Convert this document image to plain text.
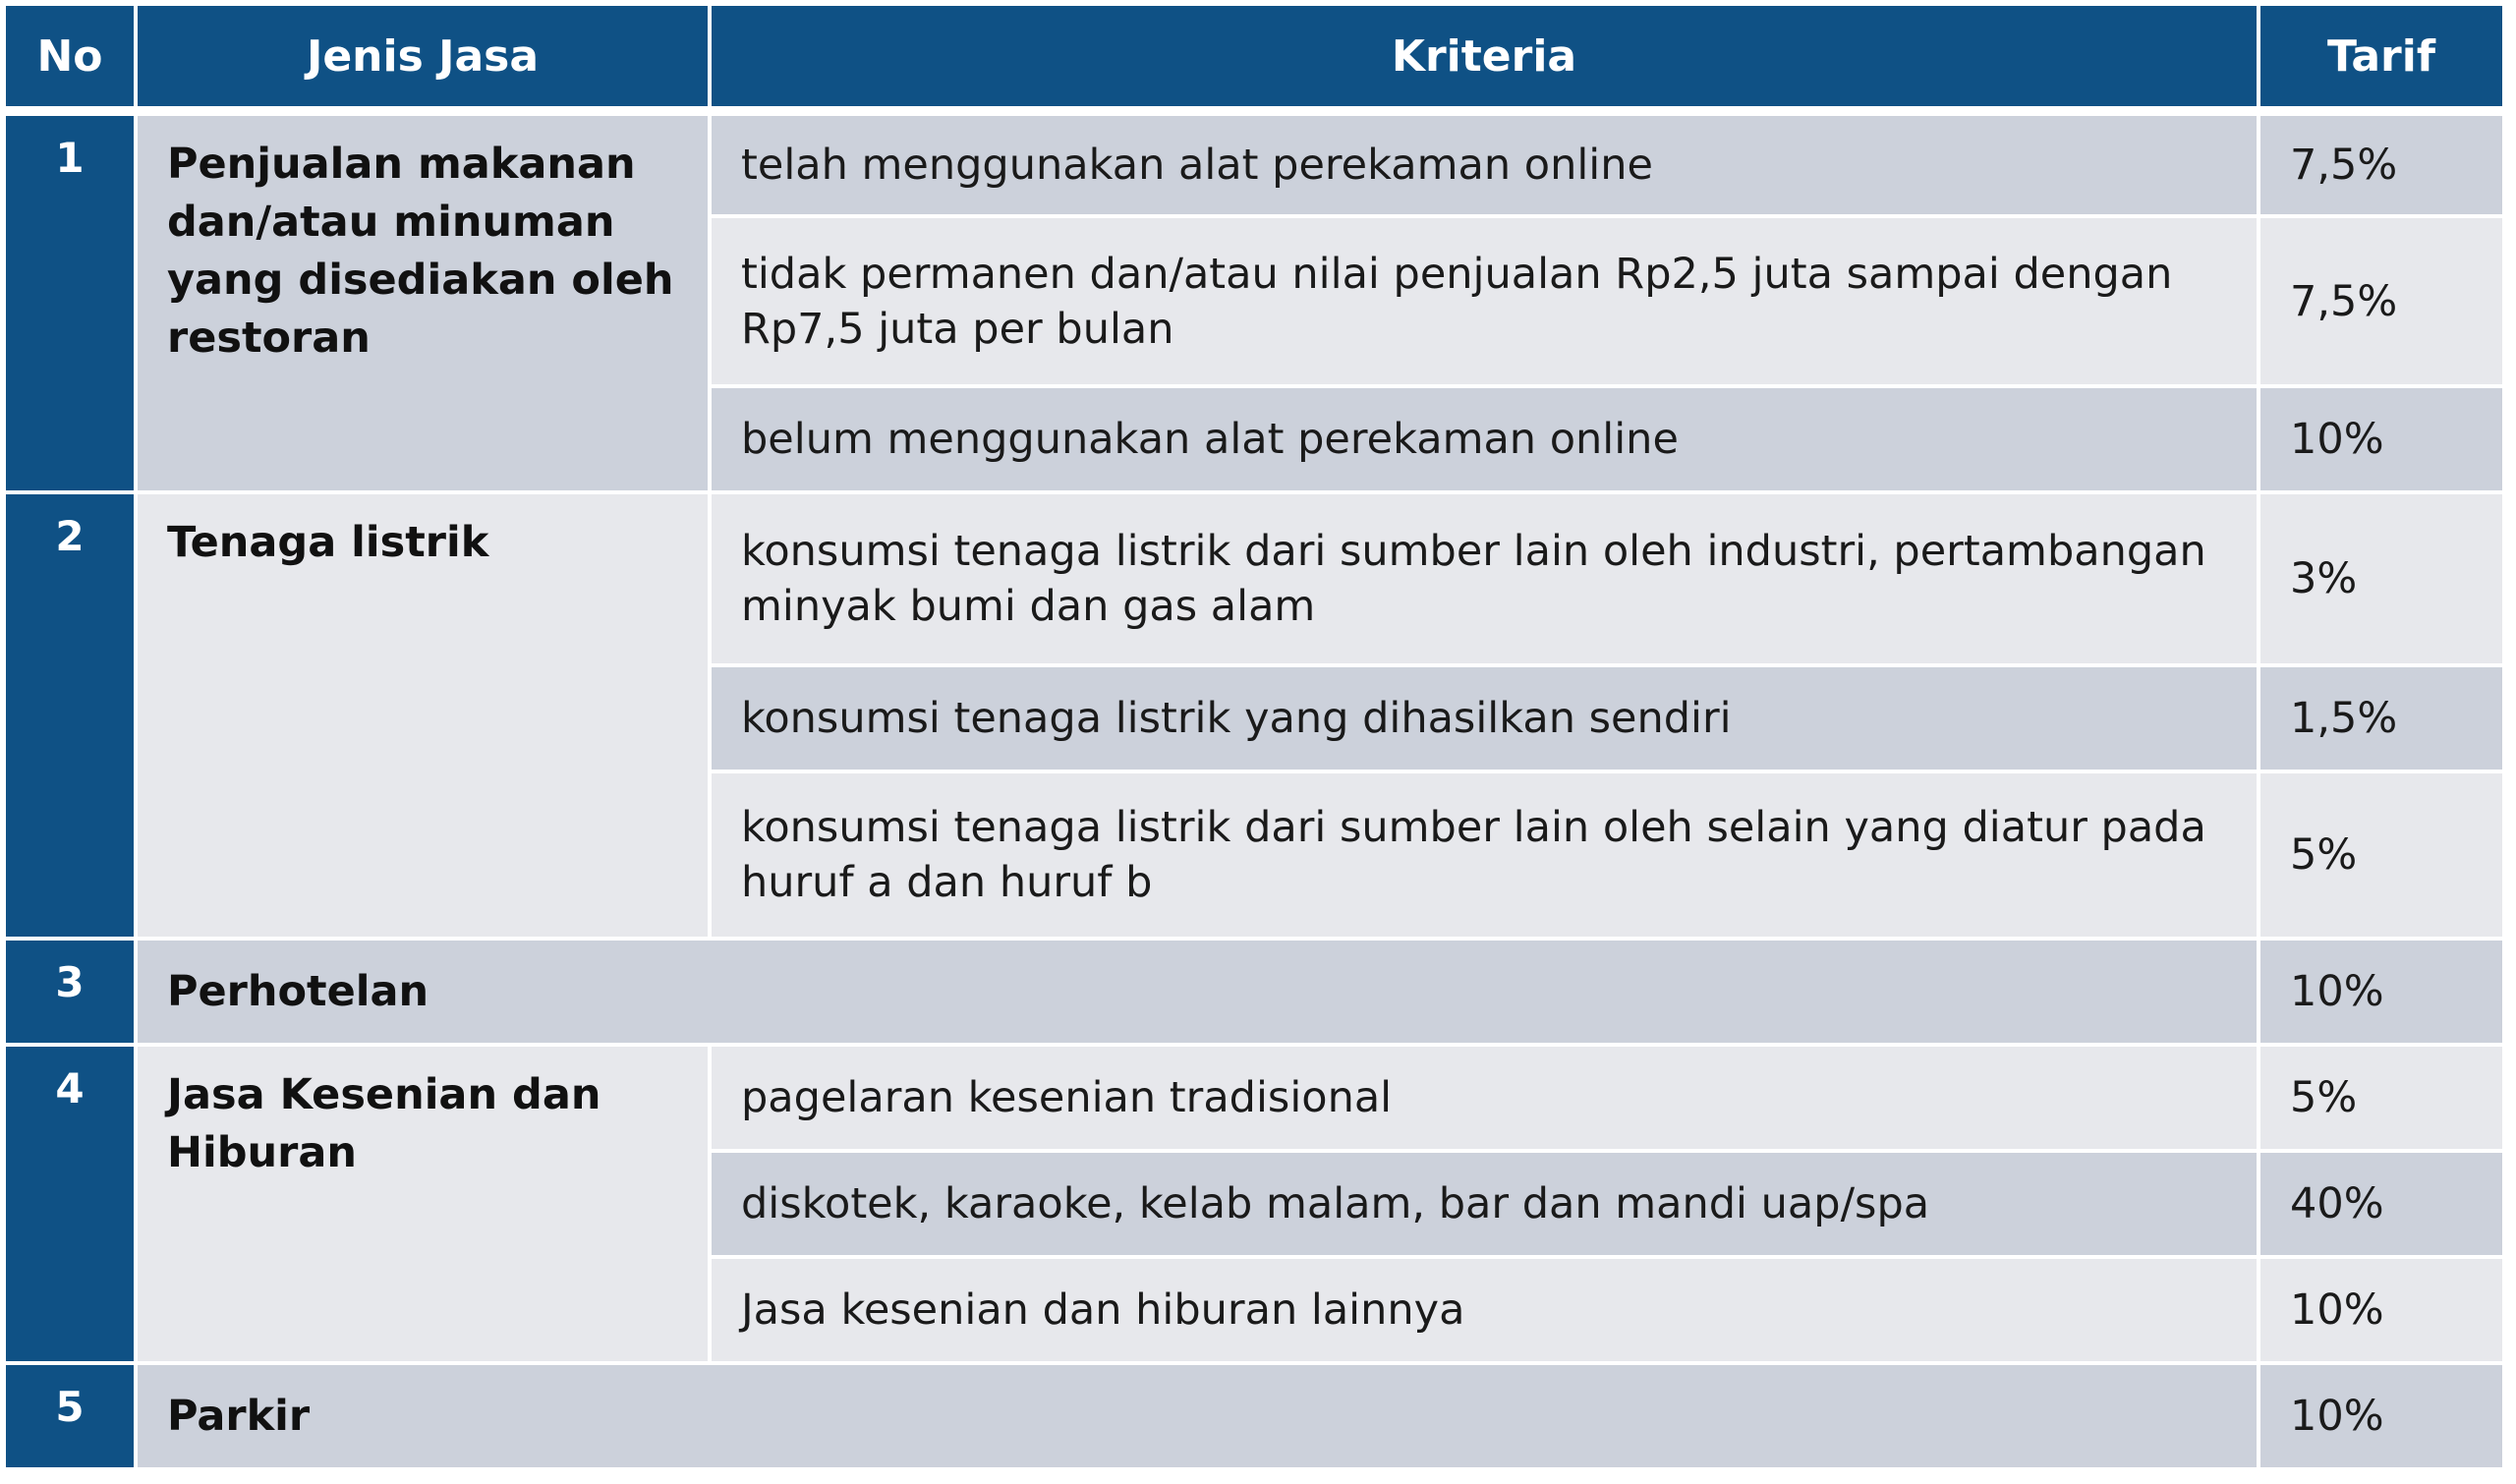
No	Jenis Jasa	Kriteria	Tarif
1	Penjualan makanan dan/atau minuman yang disediakan oleh restoran	telah menggunakan alat perekaman online	7,5%
		tidak permanen dan/atau nilai penjualan Rp2,5 juta sampai dengan Rp7,5 juta per bulan	7,5%
		belum menggunakan alat perekaman online	10%
2	Tenaga listrik	konsumsi tenaga listrik dari sumber lain oleh industri, pertambangan minyak bumi dan gas alam	3%
		konsumsi tenaga listrik yang dihasilkan sendiri	1,5%
		konsumsi tenaga listrik dari sumber lain oleh selain yang diatur pada huruf a dan huruf b	5%
3	Perhotelan		10%
4	Jasa Kesenian dan Hiburan	pagelaran kesenian tradisional	5%
		diskotek, karaoke, kelab malam, bar dan mandi uap/spa	40%
		Jasa kesenian dan hiburan lainnya	10%
5	Parkir		10%
